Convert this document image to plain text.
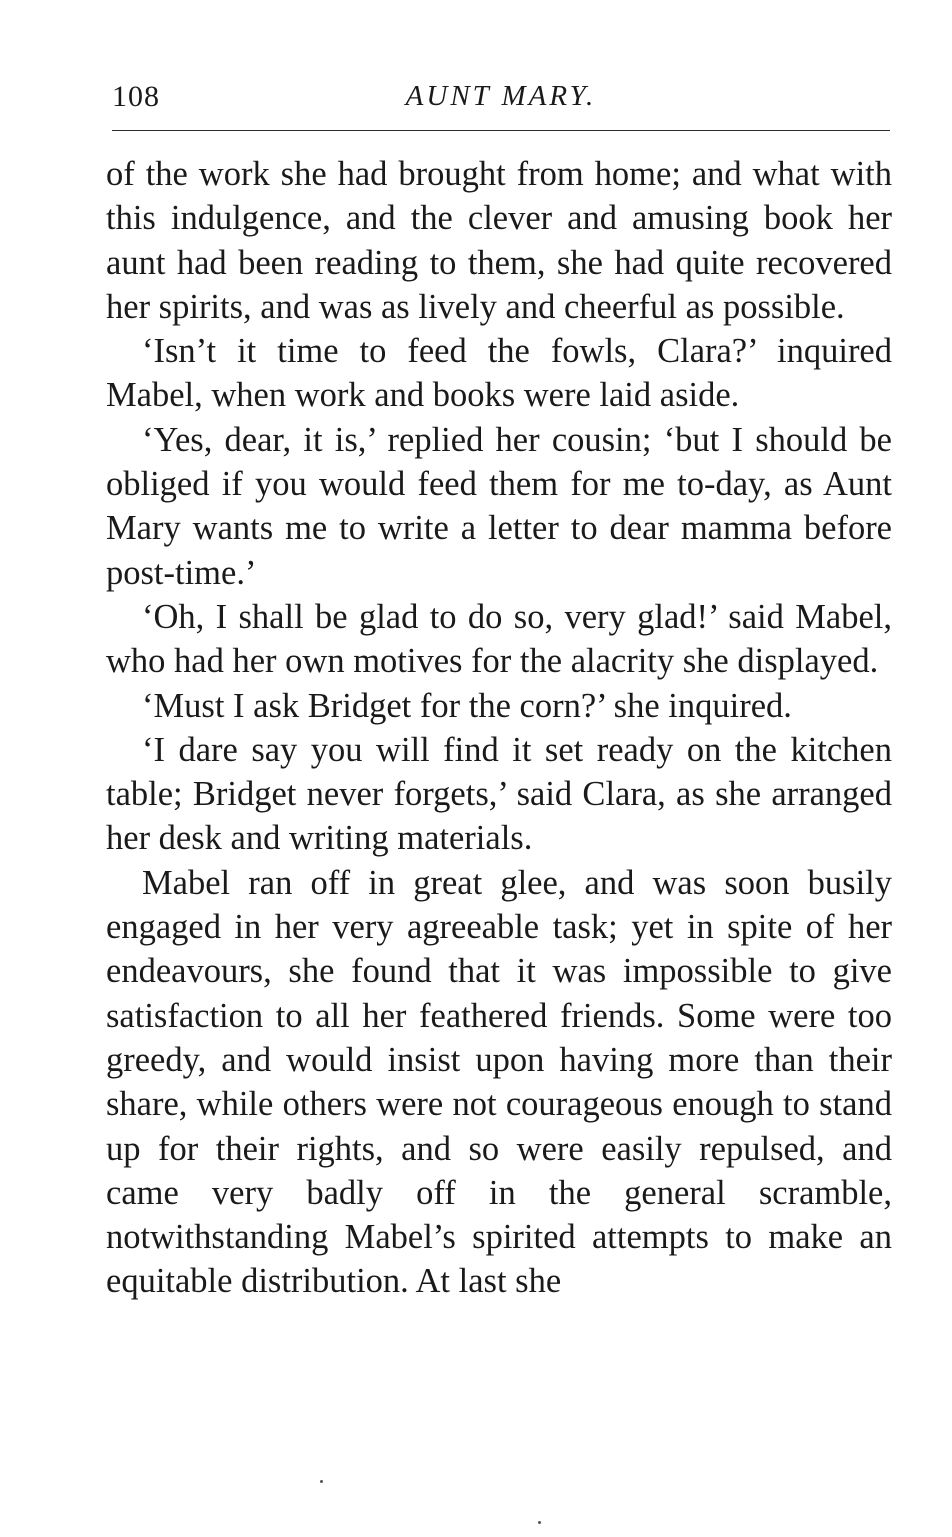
108	AUNT MARY.

of the work she had brought from home; and what with this indulgence, and the clever and amusing book her aunt had been reading to them, she had quite recovered her spirits, and was as lively and cheerful as possible.

‘Isn’t it time to feed the fowls, Clara?’ inquired Mabel, when work and books were laid aside.

‘Yes, dear, it is,’ replied her cousin; ‘but I should be obliged if you would feed them for me to-day, as Aunt Mary wants me to write a letter to dear mamma before post-time.’

‘Oh, I shall be glad to do so, very glad!’ said Mabel, who had her own motives for the alacrity she displayed.

‘Must I ask Bridget for the corn?’ she inquired.

‘I dare say you will find it set ready on the kitchen table; Bridget never forgets,’ said Clara, as she arranged her desk and writing materials.

Mabel ran off in great glee, and was soon busily engaged in her very agreeable task; yet in spite of her endeavours, she found that it was impossible to give satisfaction to all her feathered friends. Some were too greedy, and would insist upon having more than their share, while others were not courageous enough to stand up for their rights, and so were easily repulsed, and came very badly off in the general scramble, notwithstanding Mabel’s spirited attempts to make an equitable distribution. At last she
